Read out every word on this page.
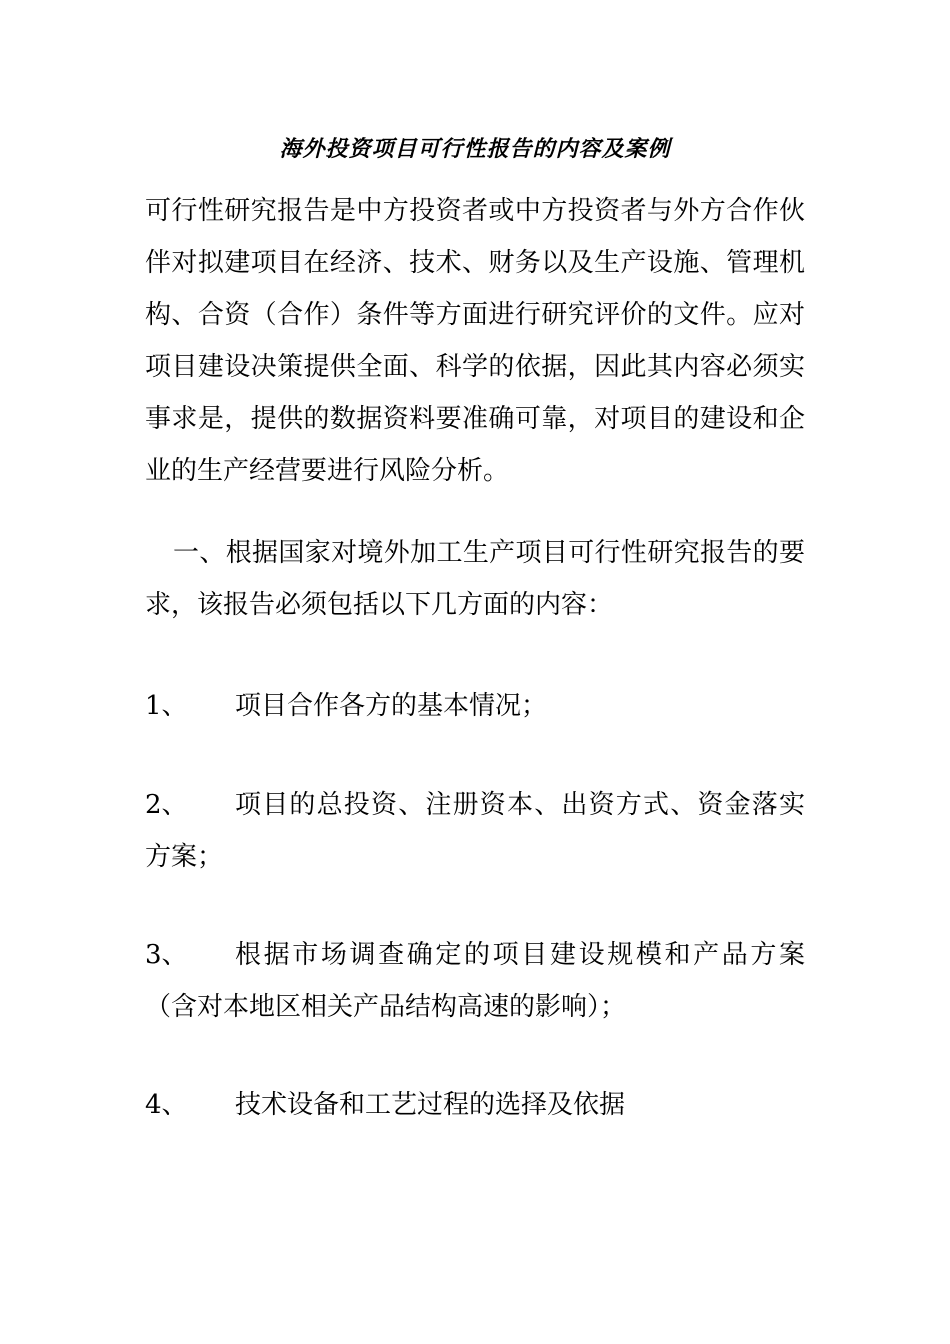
海外投资项目可行性报告的内容及案例
可行性研究报告是中方投资者或中方投资者与外方合作伙伴对拟建项目在经济、技术、财务以及生产设施、管理机构、合资（合作）条件等方面进行研究评价的文件。应对项目建设决策提供全面、科学的依据，因此其内容必须实事求是，提供的数据资料要准确可靠，对项目的建设和企业的生产经营要进行风险分析。
一、根据国家对境外加工生产项目可行性研究报告的要求，该报告必须包括以下几方面的内容：
1、	项目合作各方的基本情况；
2、	项目的总投资、注册资本、出资方式、资金落实方案；
3、	根据市场调查确定的项目建设规模和产品方案（含对本地区相关产品结构高速的影响）；
4、	技术设备和工艺过程的选择及依据
